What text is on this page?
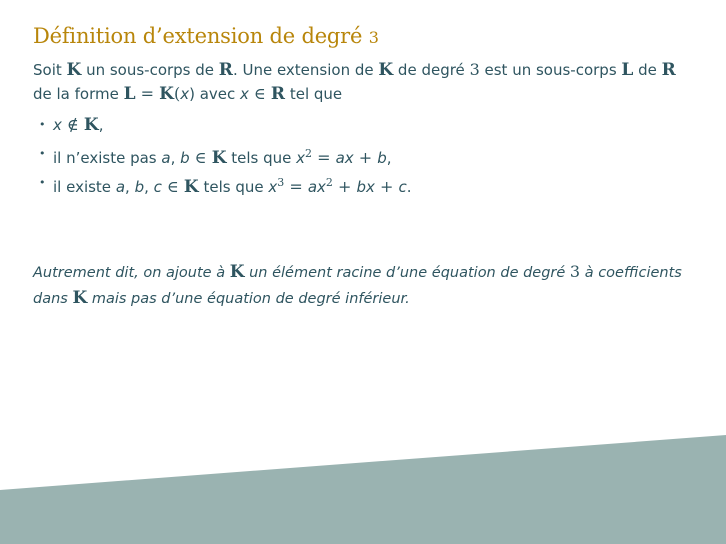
Définition d’extension de degré 3

Soit K un sous-corps de R. Une extension de K de degré 3 est un sous-corps L de R
de la forme L = K(x) avec x ∈ R tel que

• x ∉ K,
• il n’existe pas a, b ∈ K tels que $x^2$ = ax + b,
• il existe a, b, c ∈ K tels que $x^3 = ax^2$ + bx + c.

Autrement dit, on ajoute à K un élément racine d’une équation de degré 3 à coefficients
dans K mais pas d’une équation de degré inférieur.
